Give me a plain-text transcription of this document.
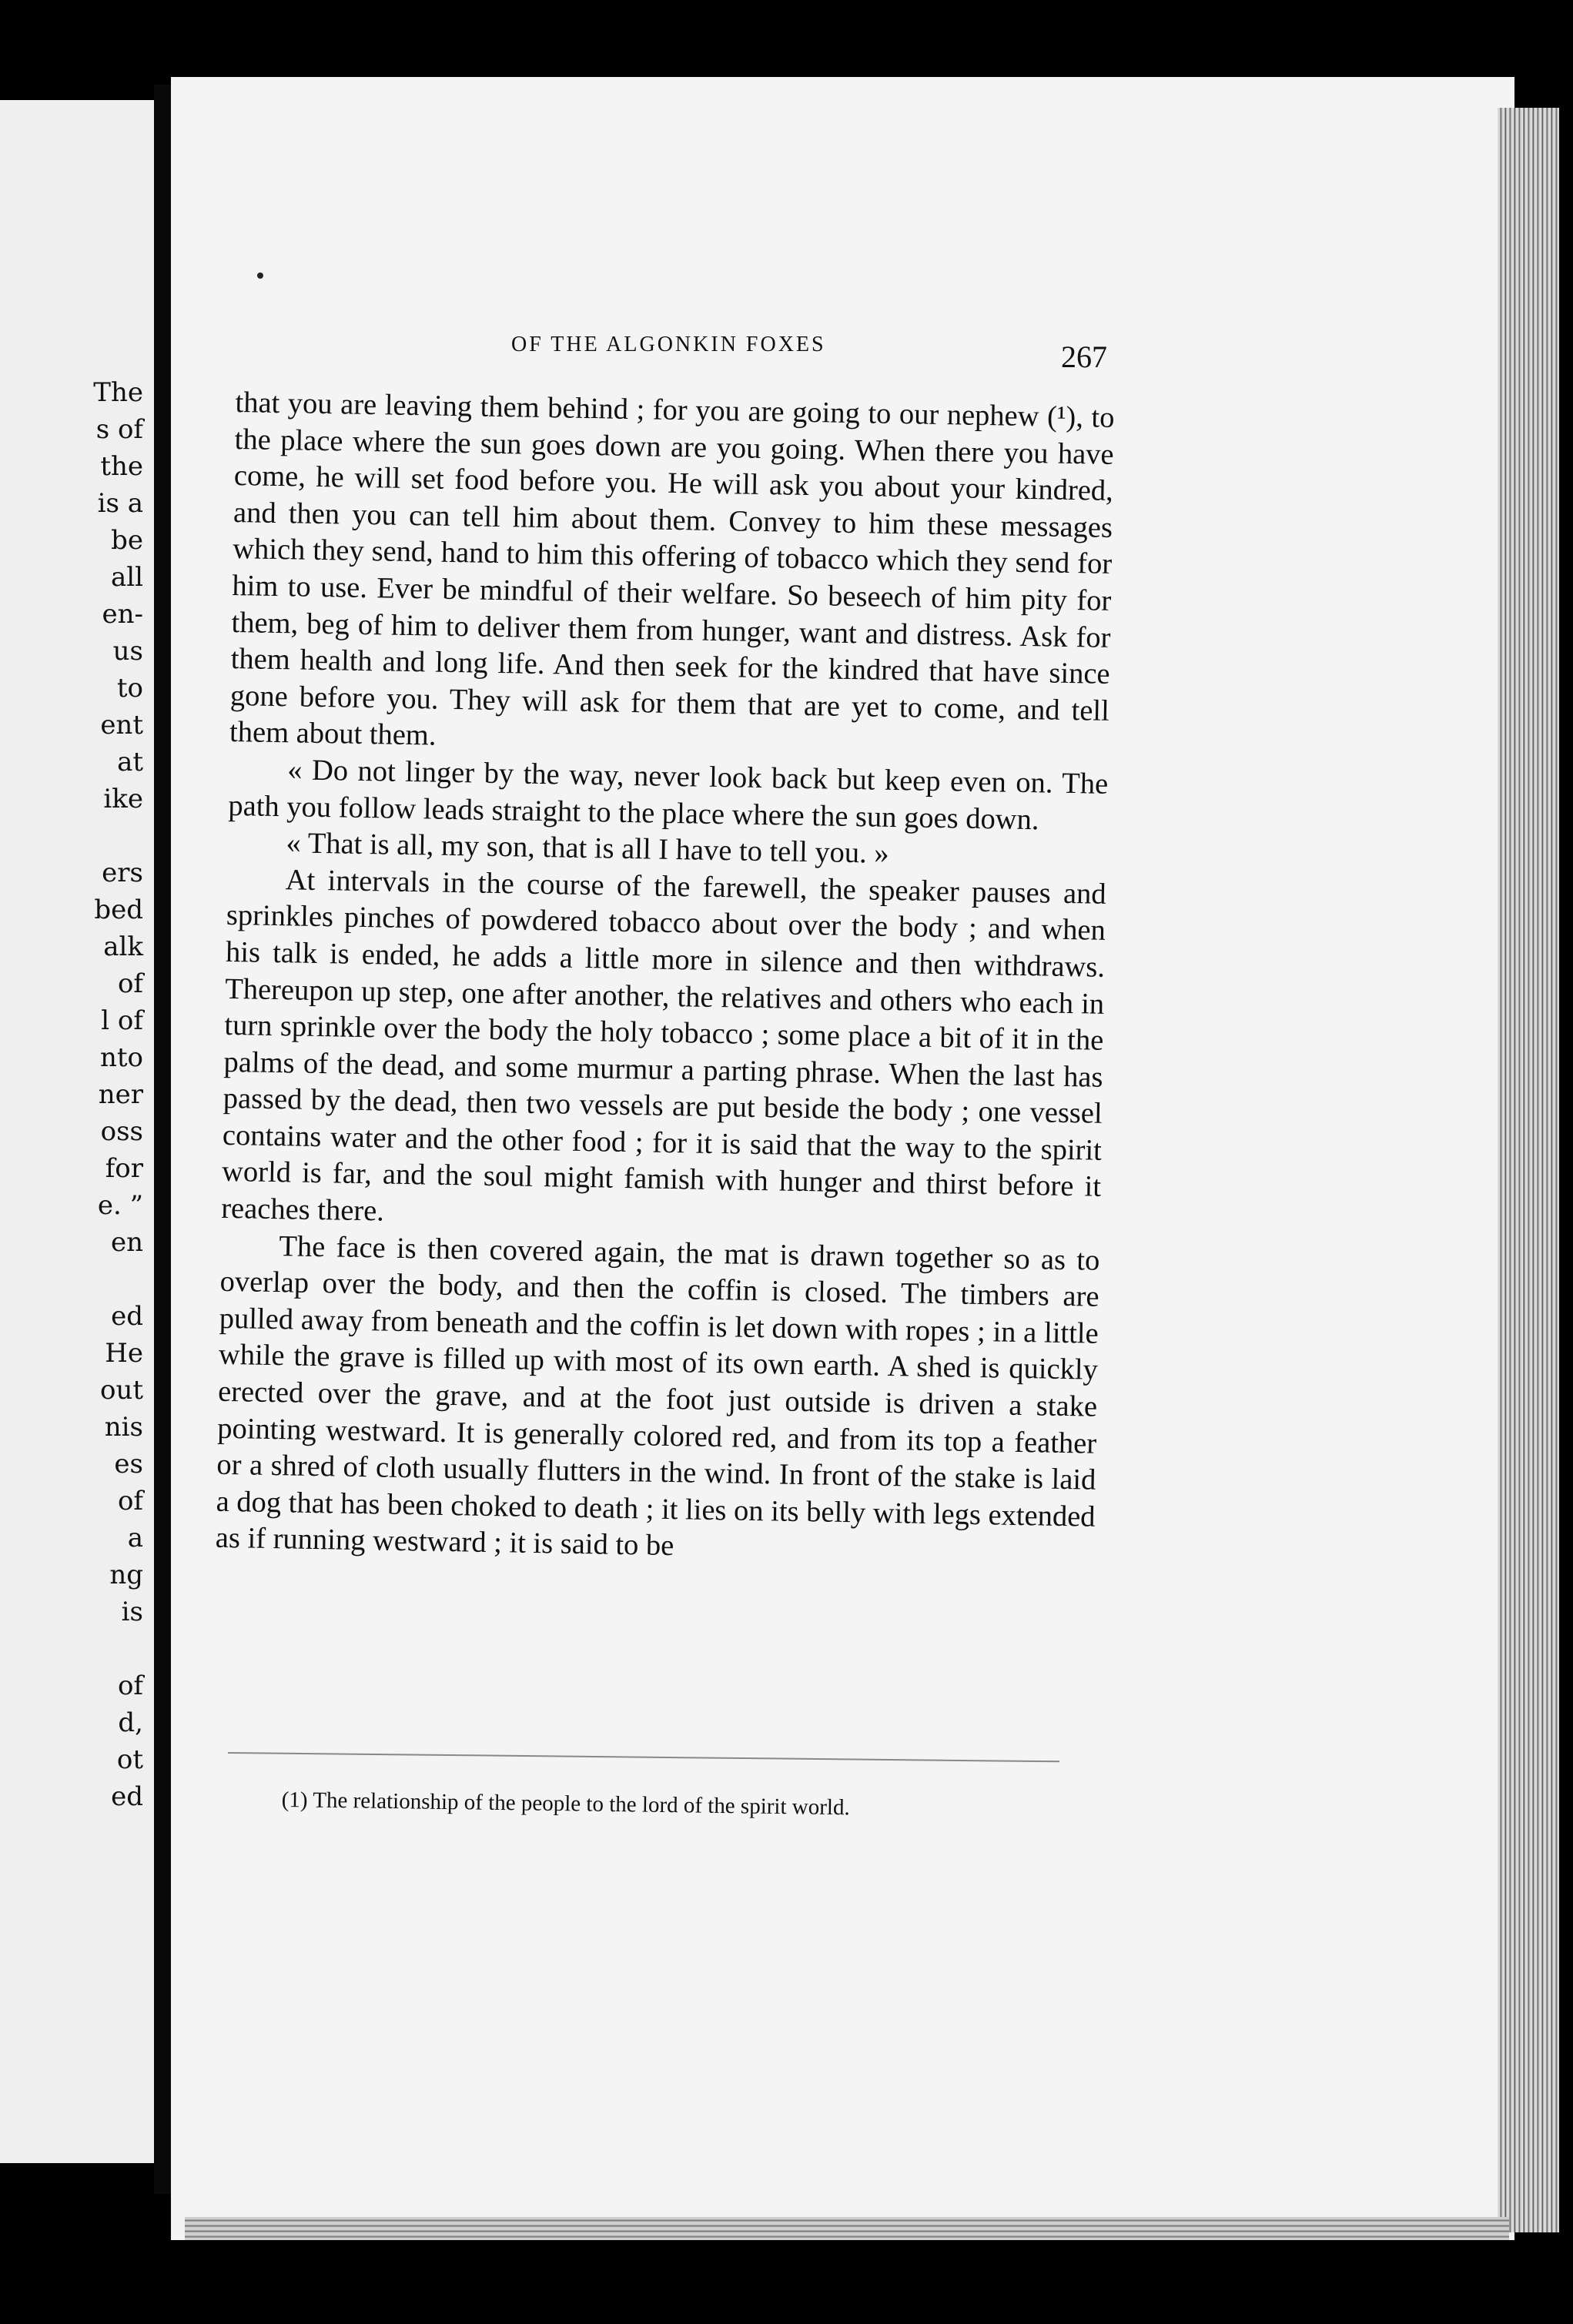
The
s of
the
is a
be
all
en-
us
to
ent
at
ike
ers
bed
alk
of
l of
nto
ner
oss
for
e. ”
en
ed
He
out
nis
es
of
a
ng
is
of
d,
ot
ed
OF THE ALGONKIN FOXES	267

that you are leaving them behind ; for you are going to our nephew (¹), to the place where the sun goes down are you going. When there you have come, he will set food before you. He will ask you about your kindred, and then you can tell him about them. Convey to him these messages which they send, hand to him this offering of tobacco which they send for him to use. Ever be mindful of their welfare. So beseech of him pity for them, beg of him to deliver them from hunger, want and distress. Ask for them health and long life. And then seek for the kindred that have since gone before you. They will ask for them that are yet to come, and tell them about them.

« Do not linger by the way, never look back but keep even on. The path you follow leads straight to the place where the sun goes down.

« That is all, my son, that is all I have to tell you. »

At intervals in the course of the farewell, the speaker pauses and sprinkles pinches of powdered tobacco about over the body ; and when his talk is ended, he adds a little more in silence and then withdraws. Thereupon up step, one after another, the relatives and others who each in turn sprinkle over the body the holy tobacco ; some place a bit of it in the palms of the dead, and some murmur a parting phrase. When the last has passed by the dead, then two vessels are put beside the body ; one vessel contains water and the other food ; for it is said that the way to the spirit world is far, and the soul might famish with hunger and thirst before it reaches there.

The face is then covered again, the mat is drawn together so as to overlap over the body, and then the coffin is closed. The timbers are pulled away from beneath and the coffin is let down with ropes ; in a little while the grave is filled up with most of its own earth. A shed is quickly erected over the grave, and at the foot just outside is driven a stake pointing westward. It is generally colored red, and from its top a feather or a shred of cloth usually flutters in the wind. In front of the stake is laid a dog that has been choked to death ; it lies on its belly with legs extended as if running westward ; it is said to be

(1) The relationship of the people to the lord of the spirit world.
